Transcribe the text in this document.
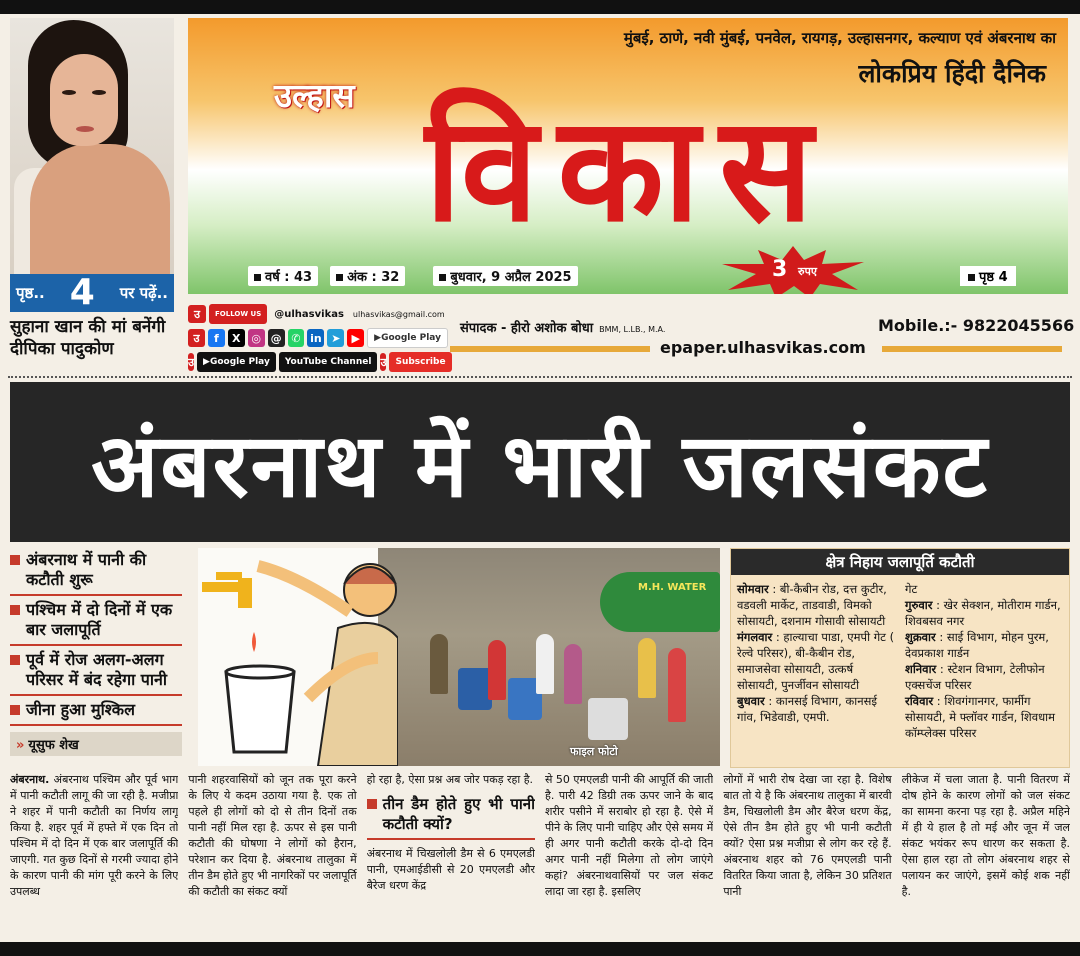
पृष्ठ.. 4 पर पढ़ें..
सुहाना खान की मां बनेंगी दीपिका पादुकोण
मुंबई, ठाणे, नवी मुंबई, पनवेल, रायगड़, उल्हासनगर, कल्याण एवं अंबरनाथ का
लोकप्रिय हिंदी दैनिक
उल्हास विकास
वर्ष : 43	अंक : 32	बुधवार, 9 अप्रैल 2025	3 रुपए	पृष्ठ 4
उ	FOLLOW US	@ulhasvikas ulhasvikas@gmail.com
उ	f	X ◎ @ ✆ in ➤	▶	▶ Google Play
उ	▶ Google Play YouTube Channel उ	Subscribe
संपादक - हीरो अशोक बोधा BMM, L.LB., M.A.	Mobile.:- 9822045566
epaper.ulhasvikas.com
अंबरनाथ में भारी जलसंकट
अंबरनाथ में पानी की कटौती शुरू
पश्चिम में दो दिनों में एक बार जलापूर्ति
पूर्व में रोज अलग-अलग परिसर में बंद रहेगा पानी
जीना हुआ मुश्किल
» यूसुफ शेख
M.H. WATER
फाइल फोटो
क्षेत्र निहाय जलापूर्ति कटौती
सोमवार : बी-कैबीन रोड, दत्त कुटीर, वडवली मार्केट, ताडवाडी, विमको सोसायटी, दशनाम गोसावी सोसायटी
मंगलवार : हाल्याचा पाडा, एमपी गेट ( रेल्वे परिसर), बी-कैबीन रोड, समाजसेवा सोसायटी, उत्कर्ष सोसायटी, पुनर्जीवन सोसायटी
बुधवार : कानसई विभाग, कानसई गांव, भिडेवाडी, एमपी.
गेट
गुरुवार : खेर सेक्शन, मोतीराम गार्डन, शिवबसव नगर
शुक्रवार : साई विभाग, मोहन पुरम, देवप्रकाश गार्डन
शनिवार : स्टेशन विभाग, टेलीफोन एक्सचेंज परिसर
रविवार : शिवगंगानगर, फार्मीग सोसायटी, मे फ्लॉवर गार्डन, शिवधाम कॉम्प्लेक्स परिसर
अंबरनाथ. अंबरनाथ पश्चिम और पूर्व भाग में पानी कटौती लागू की जा रही है. मजीप्रा ने शहर में पानी कटौती का निर्णय लागू किया है. शहर पूर्व में हफ्ते में एक दिन तो पश्चिम में दो दिन में एक बार जलापूर्ति की जाएगी. गत कुछ दिनों से गरमी ज्यादा होने के कारण पानी की मांग पूरी करने के लिए उपलब्ध
पानी शहरवासियों को जून तक पूरा करने के लिए ये कदम उठाया गया है. एक तो पहले ही लोगों को दो से तीन दिनों तक पानी नहीं मिल रहा है. ऊपर से इस पानी कटौती की घोषणा ने लोगों को हैरान, परेशान कर दिया है. अंबरनाथ तालुका में तीन डैम होते हुए भी नागरिकों पर जलापूर्ति की कटौती का संकट क्यों
हो रहा है, ऐसा प्रश्न अब जोर पकड़ रहा है.
तीन डैम होते हुए भी पानी कटौती क्यों?
अंबरनाथ में चिखलोली डैम से 6 एमएलडी पानी, एमआईडीसी से 20 एमएलडी और बैरेज धरण केंद्र
से 50 एमएलडी पानी की आपूर्ति की जाती है. पारी 42 डिग्री तक ऊपर जाने के बाद शरीर पसीने में सराबोर हो रहा है. ऐसे में पीने के लिए पानी चाहिए और ऐसे समय में ही अगर पानी कटौती करके दो-दो दिन अगर पानी नहीं मिलेगा तो लोग जाएंगे कहां? अंबरनाथवासियों पर जल संकट लादा जा रहा है. इसलिए
लोगों में भारी रोष देखा जा रहा है. विशेष बात तो ये है कि अंबरनाथ तालुका में बारवी डैम, चिखलोली डैम और बैरेज धरण केंद्र, ऐसे तीन डैम होते हुए भी पानी कटौती क्यों? ऐसा प्रश्न मजीप्रा से लोग कर रहे हैं. अंबरनाथ शहर को 76 एमएलडी पानी वितरित किया जाता है, लेकिन 30 प्रतिशत पानी
लीकेज में चला जाता है. पानी वितरण में दोष होने के कारण लोगों को जल संकट का सामना करना पड़ रहा है. अप्रैल महिने में ही ये हाल है तो मई और जून में जल संकट भयंकर रूप धारण कर सकता है. ऐसा हाल रहा तो लोग अंबरनाथ शहर से पलायन कर जाएंगे, इसमें कोई शक नहीं है.
